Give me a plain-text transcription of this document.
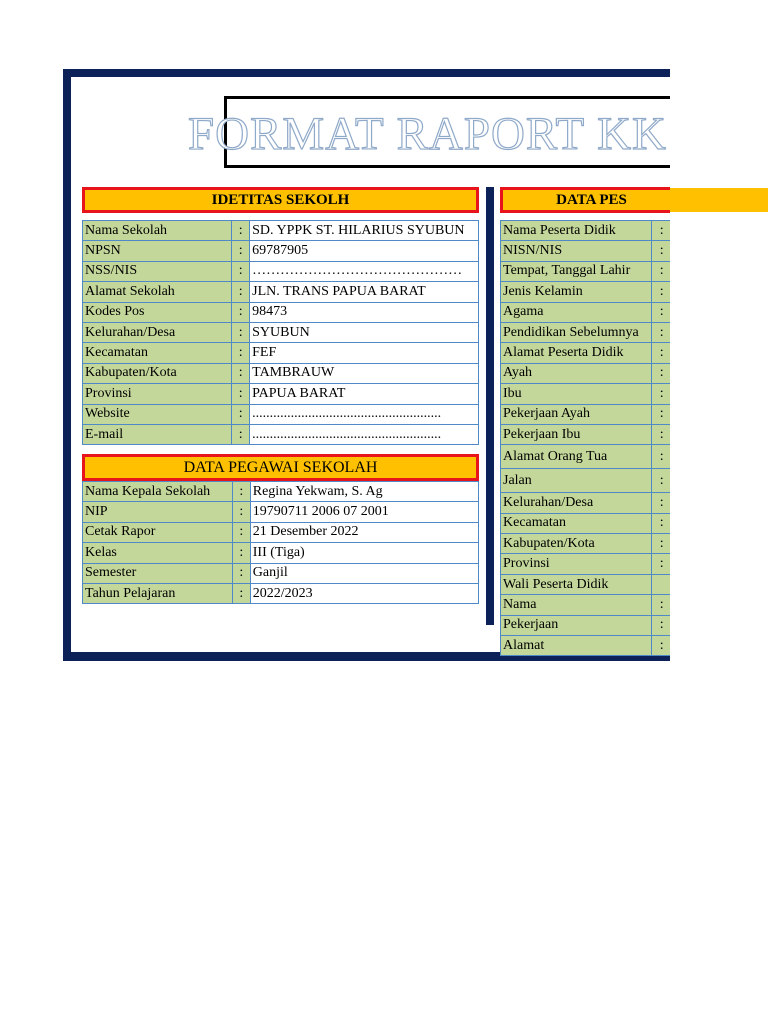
FORMAT RAPORT KK
IDETITAS SEKOLH
Nama Sekolah	:	SD. YPPK ST. HILARIUS SYUBUN
NPSN	:	69787905
NSS/NIS	:	………………………………………
Alamat Sekolah	:	JLN. TRANS PAPUA BARAT
Kodes Pos	:	98473
Kelurahan/Desa	:	SYUBUN
Kecamatan	:	FEF
Kabupaten/Kota	:	TAMBRAUW
Provinsi	:	PAPUA BARAT
Website	:	......................................................
E-mail	:	......................................................
DATA PEGAWAI SEKOLAH
Nama Kepala Sekolah	:	Regina Yekwam, S. Ag
NIP	:	19790711 2006 07 2001
Cetak Rapor	:	21 Desember 2022
Kelas	:	III (Tiga)
Semester	:	Ganjil
Tahun Pelajaran	:	2022/2023
DATA PES
Nama Peserta Didik	:
NISN/NIS	:
Tempat, Tanggal Lahir	:
Jenis Kelamin	:
Agama	:
Pendidikan Sebelumnya	:
Alamat Peserta Didik	:
Ayah	:
Ibu	:
Pekerjaan Ayah	:
Pekerjaan Ibu	:
Alamat Orang Tua	:
Jalan	:
Kelurahan/Desa	:
Kecamatan	:
Kabupaten/Kota	:
Provinsi	:
Wali Peserta Didik	
Nama	:
Pekerjaan	:
Alamat	:
